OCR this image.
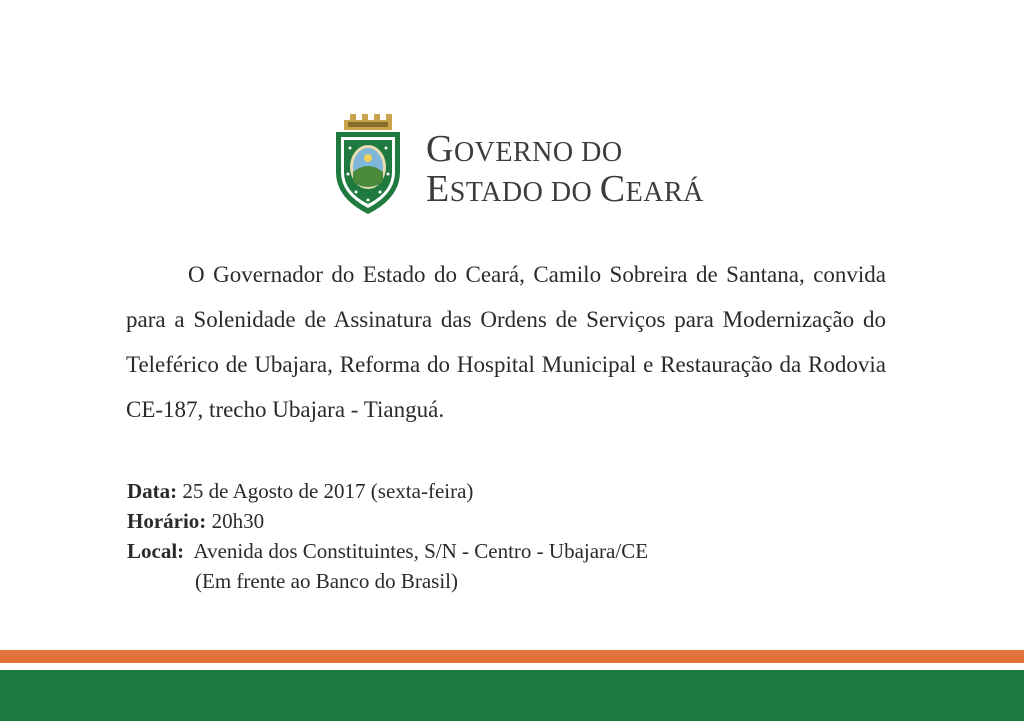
GOVERNO DO
ESTADO DO CEARÁ

O Governador do Estado do Ceará, Camilo Sobreira de Santana, convida para a Solenidade de Assinatura das Ordens de Serviços para Modernização do Teleférico de Ubajara, Reforma do Hospital Municipal e Restauração da Rodovia CE-187, trecho Ubajara - Tianguá.

Data: 25 de Agosto de 2017 (sexta-feira)
Horário: 20h30
Local:  Avenida dos Constituintes, S/N - Centro - Ubajara/CE
(Em frente ao Banco do Brasil)
